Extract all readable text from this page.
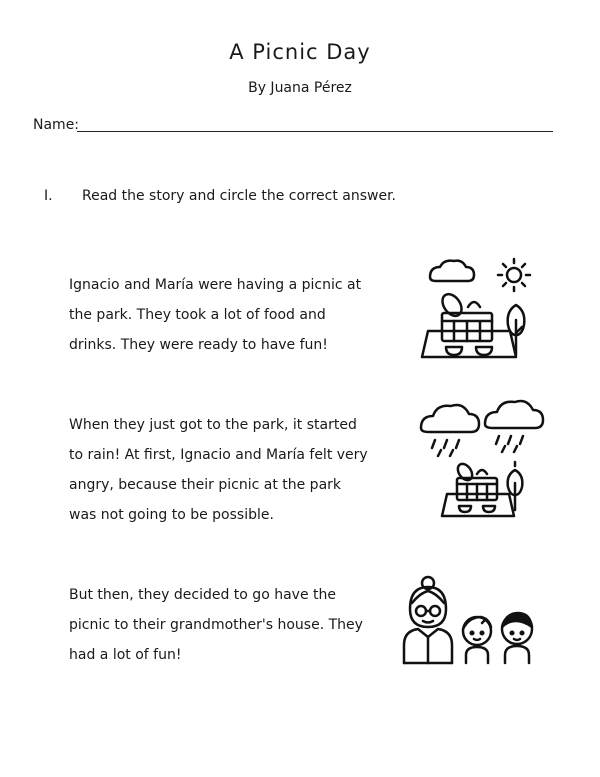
A Picnic Day
By Juana Pérez
Name:
I. Read the story and circle the correct answer.
Ignacio and María were having a picnic at the park. They took a lot of food and drinks. They were ready to have fun!
When they just got to the park, it started to rain! At first, Ignacio and María felt very angry, because their picnic at the park was not going to be possible.
But then, they decided to go have the picnic to their grandmother's house. They had a lot of fun!
